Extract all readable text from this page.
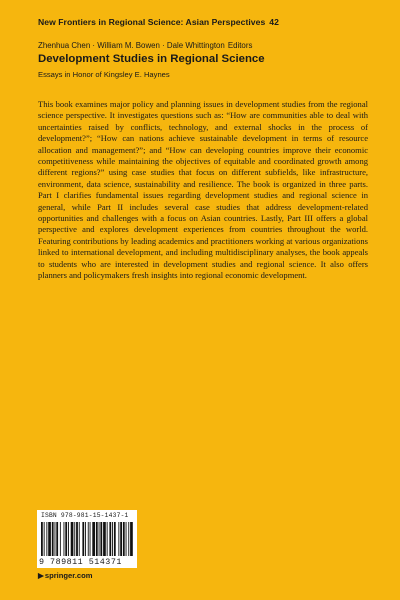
New Frontiers in Regional Science: Asian Perspectives 42
Zhenhua Chen · William M. Bowen · Dale Whittington Editors
Development Studies in Regional Science
Essays in Honor of Kingsley E. Haynes

This book examines major policy and planning issues in development studies from the regional science perspective. It investigates questions such as: “How are communities able to deal with uncertainties raised by conflicts, technology, and external shocks in the process of development?”; “How can nations achieve sustainable development in terms of resource allocation and management?”; and “How can developing countries improve their economic competitiveness while maintaining the objectives of equitable and coordinated growth among different regions?” using case studies that focus on different subfields, like infrastructure, environment, data science, sustainability and resilience. The book is organized in three parts. Part I clarifies fundamental issues regarding development studies and regional science in general, while Part II includes several case studies that address development-related opportunities and challenges with a focus on Asian countries. Lastly, Part III offers a global perspective and explores development experiences from countries throughout the world. Featuring contributions by leading academics and practitioners working at various organizations linked to international development, and including multidisciplinary analyses, the book appeals to students who are interested in development studies and regional science. It also offers planners and policymakers fresh insights into regional economic development.

ISBN 978-981-15-1437-1
9 789811 514371
▶springer.com
